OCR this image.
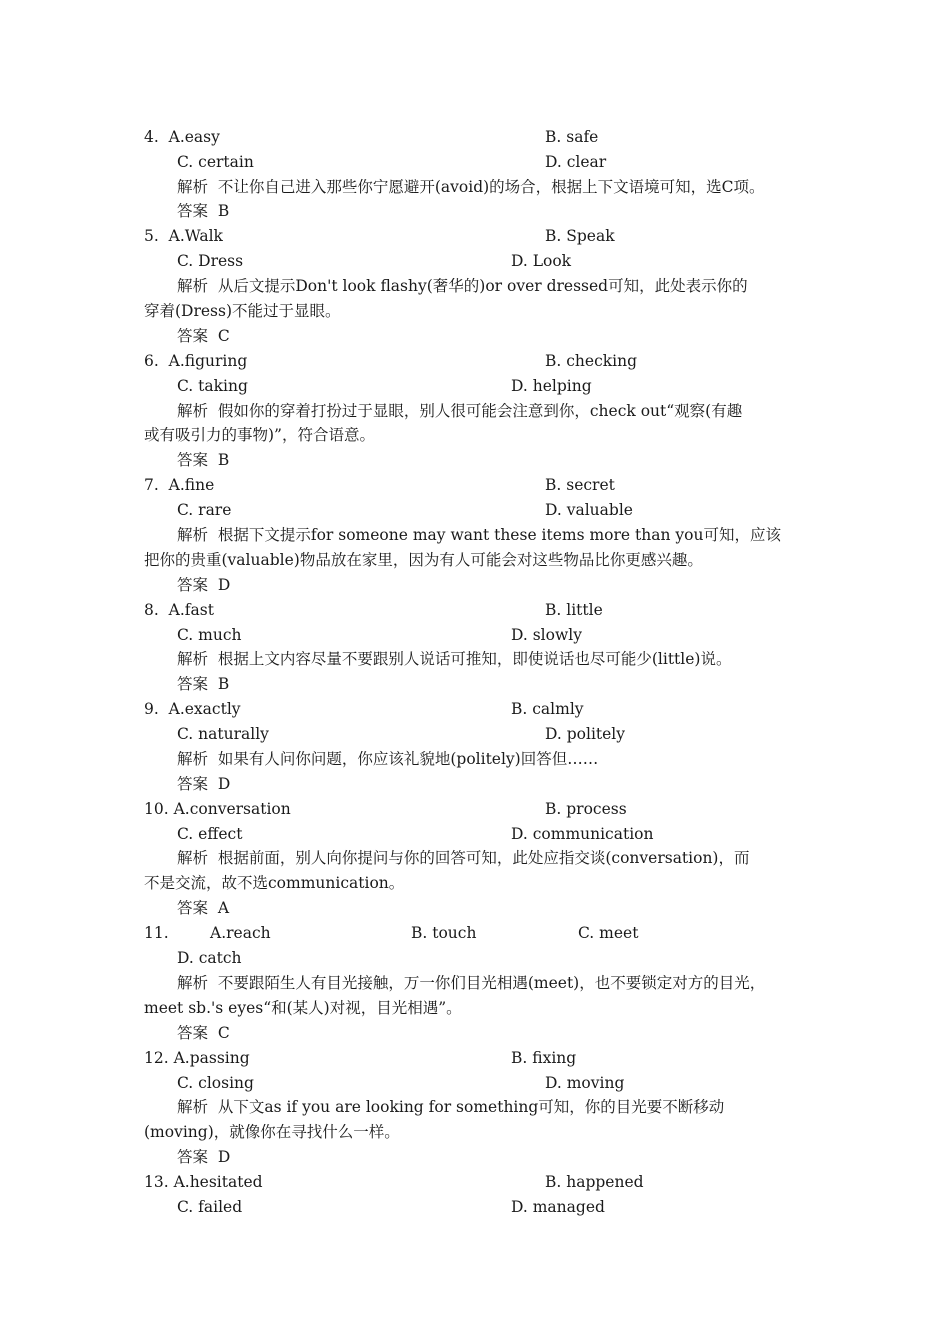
4.  A.easy	B. safe
C. certain	D. clear
解析  不让你自己进入那些你宁愿避开(avoid)的场合，根据上下文语境可知，选C项。
答案  B
5.  A.Walk	B. Speak
C. Dress	D. Look
解析  从后文提示Don't look flashy(奢华的)or over dressed可知，此处表示你的
穿着(Dress)不能过于显眼。
答案  C
6.  A.figuring	B. checking
C. taking	D. helping
解析  假如你的穿着打扮过于显眼，别人很可能会注意到你，check out“观察(有趣
或有吸引力的事物)”，符合语意。
答案  B
7.  A.fine	B. secret
C. rare	D. valuable
解析  根据下文提示for someone may want these items more than you可知，应该
把你的贵重(valuable)物品放在家里，因为有人可能会对这些物品比你更感兴趣。
答案  D
8.  A.fast	B. little
C. much	D. slowly
解析  根据上文内容尽量不要跟别人说话可推知，即使说话也尽可能少(little)说。
答案  B
9.  A.exactly	B. calmly
C. naturally	D. politely
解析  如果有人问你问题，你应该礼貌地(politely)回答但……
答案  D
10. A.conversation	B. process
C. effect	D. communication
解析  根据前面，别人向你提问与你的回答可知，此处应指交谈(conversation)，而
不是交流，故不选communication。
答案  A
11.	A.reach	B. touch	C. meet
D. catch
解析  不要跟陌生人有目光接触，万一你们目光相遇(meet)，也不要锁定对方的目光，
meet sb.'s eyes“和(某人)对视，目光相遇”。
答案  C
12. A.passing	B. fixing
C. closing	D. moving
解析  从下文as if you are looking for something可知，你的目光要不断移动
(moving)，就像你在寻找什么一样。
答案  D
13. A.hesitated	B. happened
C. failed	D. managed
